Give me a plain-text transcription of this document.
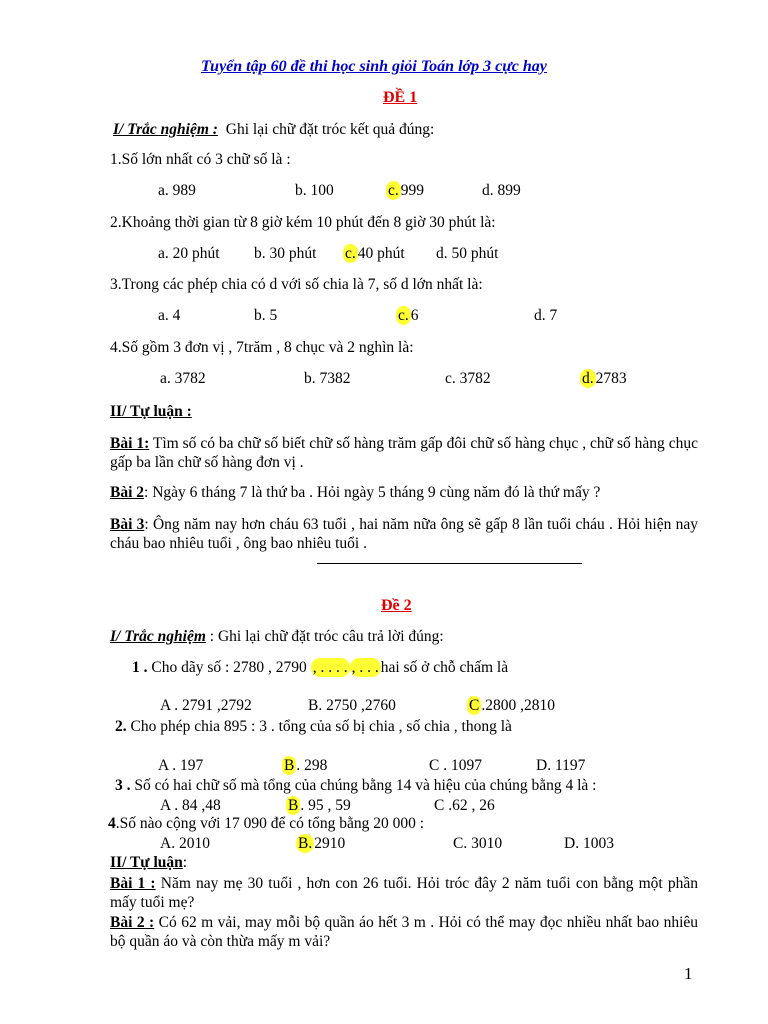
Tuyển tập 60 đề thi học sinh giỏi Toán lớp 3 cực hay
ĐỀ 1
I/ Trắc nghiệm : Ghi lại chữ đặt tróc kết quả đúng:
1.Số lớn nhất có 3 chữ số là :
a. 989	b. 100	c. 999	d. 899
2.Khoảng thời gian từ 8 giờ kém 10 phút đến 8 giờ 30 phút là:
a. 20 phút b. 30 phút c. 40 phút d. 50 phút
3.Trong các phép chia có d với số chia là 7, số d lớn nhất là:
a. 4	b. 5	c. 6	d. 7
4.Số gồm 3 đơn vị , 7trăm , 8 chục và 2 nghìn là:
a. 3782	b. 7382	c. 3782	d. 2783
II/ Tự luận :
Bài 1: Tìm số có ba chữ số biết chữ số hàng trăm gấp đôi chữ số hàng chục , chữ số hàng chục gấp ba lần chữ số hàng đơn vị .
Bài 2: Ngày 6 tháng 7 là thứ ba . Hỏi ngày 5 tháng 9 cùng năm đó là thứ mấy ?
Bài 3: Ông năm nay hơn cháu 63 tuổi , hai năm nữa ông sẽ gấp 8 lần tuổi cháu . Hỏi hiện nay cháu bao nhiêu tuổi , ông bao nhiêu tuổi .
Đề 2
I/ Trắc nghiệm : Ghi lại chữ đặt tróc câu trả lời đúng:
1 . Cho dãy số : 2780 , 2790 , . . . . , . . . hai số ở chỗ chấm là
A . 2791 ,2792	B. 2750 ,2760	C .2800 ,2810
2. Cho phép chia 895 : 3 . tổng của số bị chia , số chia , thong là
A . 197	B . 298	C . 1097	D. 1197
3 . Số có hai chữ số mà tổng của chúng bằng 14 và hiệu của chúng bằng 4 là :
A . 84 ,48	B . 95 , 59	C .62 , 26
4.Số nào cộng với 17 090 để có tổng bằng 20 000 :
A. 2010	B. 2910	C. 3010	D. 1003
II/ Tự luận:
Bài 1 : Năm nay mẹ 30 tuổi , hơn con 26 tuổi. Hỏi tróc đây 2 năm tuổi con bằng một phần mấy tuổi mẹ?
Bài 2 : Có 62 m vải, may mỗi bộ quần áo hết 3 m . Hỏi có thể may đọc nhiều nhất bao nhiêu bộ quần áo và còn thừa mấy m vải?
1
